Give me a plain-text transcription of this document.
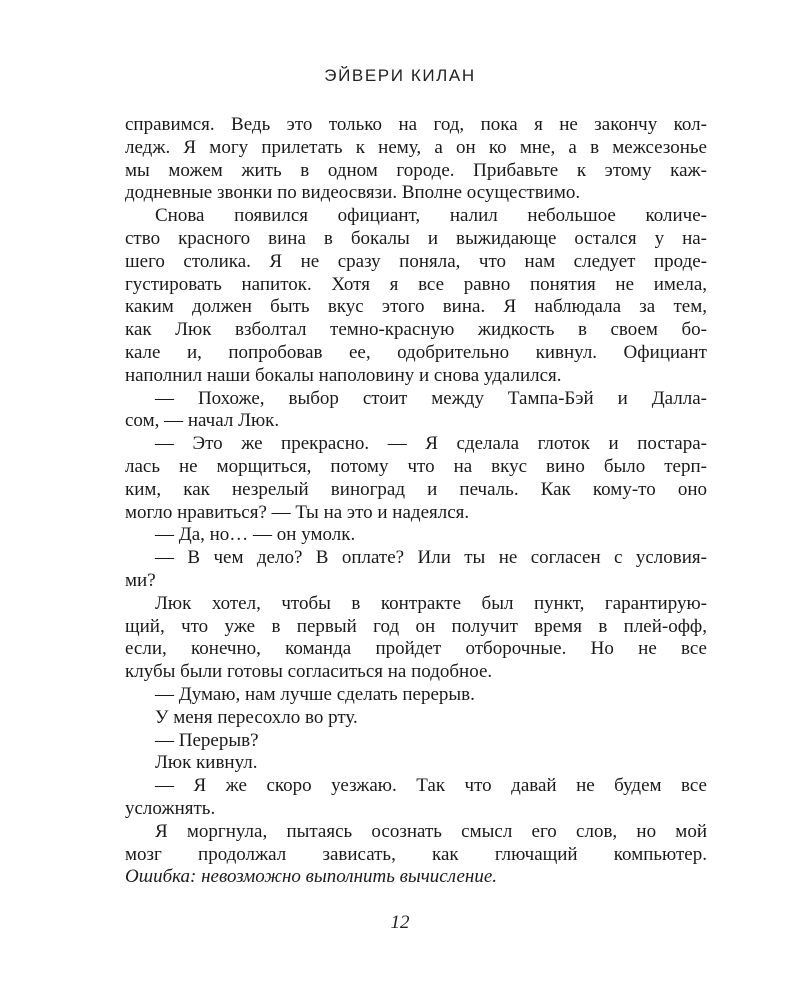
ЭЙВЕРИ КИЛАН
справимся. Ведь это только на год, пока я не закончу кол-
ледж. Я могу прилетать к нему, а он ко мне, а в межсезонье
мы можем жить в одном городе. Прибавьте к этому каж-
додневные звонки по видеосвязи. Вполне осуществимо.
Снова появился официант, налил небольшое количе-
ство красного вина в бокалы и выжидающе остался у на-
шего столика. Я не сразу поняла, что нам следует продe-
густировать напиток. Хотя я все равно понятия не имела,
каким должен быть вкус этого вина. Я наблюдала за тем,
как Люк взболтал темно-красную жидкость в своем бо-
кале и, попробовав ее, одобрительно кивнул. Официант
наполнил наши бокалы наполовину и снова удалился.
— Похоже, выбор стоит между Тампа-Бэй и Далла-
сом, — начал Люк.
— Это же прекрасно. — Я сделала глоток и постара-
лась не морщиться, потому что на вкус вино было терп-
ким, как незрелый виноград и печаль. Как кому-то оно
могло нравиться? — Ты на это и надеялся.
— Да, но… — он умолк.
— В чем дело? В оплате? Или ты не согласен с условия-
ми?
Люк хотел, чтобы в контракте был пункт, гарантирую-
щий, что уже в первый год он получит время в плей-офф,
если, конечно, команда пройдет отборочные. Но не все
клубы были готовы согласиться на подобное.
— Думаю, нам лучше сделать перерыв.
У меня пересохло во рту.
— Перерыв?
Люк кивнул.
— Я же скоро уезжаю. Так что давай не будем все
усложнять.
Я моргнула, пытаясь осознать смысл его слов, но мой
мозг продолжал зависать, как глючащий компьютер.
Ошибка: невозможно выполнить вычисление.
12
